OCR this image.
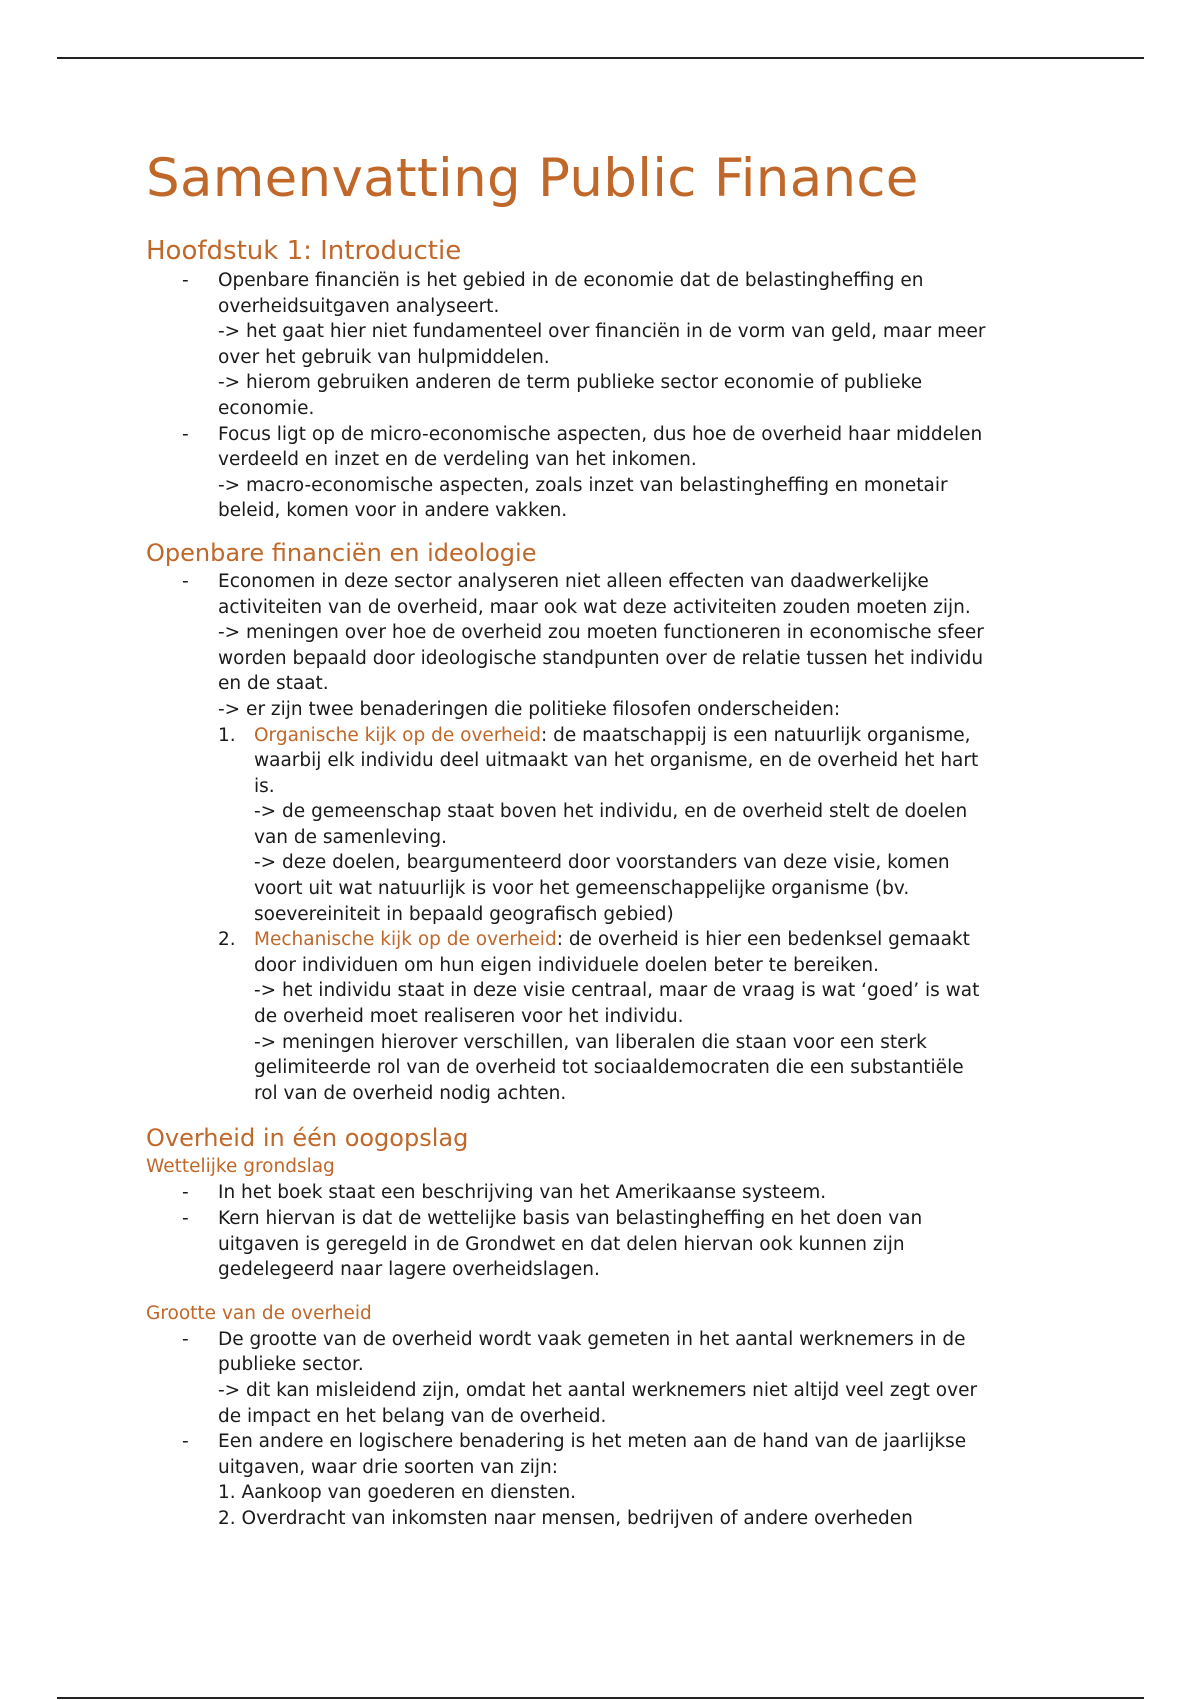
Samenvatting Public Finance
Hoofdstuk 1: Introductie

- Openbare financiën is het gebied in de economie dat de belastingheffing en

overheidsuitgaven analyseert.

-> het gaat hier niet fundamenteel over financiën in de vorm van geld, maar meer

over het gebruik van hulpmiddelen.

-> hierom gebruiken anderen de term publieke sector economie of publieke

economie.

- Focus ligt op de micro-economische aspecten, dus hoe de overheid haar middelen

verdeeld en inzet en de verdeling van het inkomen.

-> macro-economische aspecten, zoals inzet van belastingheffing en monetair

beleid, komen voor in andere vakken.

Openbare financiën en ideologie

- Economen in deze sector analyseren niet alleen effecten van daadwerkelijke

activiteiten van de overheid, maar ook wat deze activiteiten zouden moeten zijn.

-> meningen over hoe de overheid zou moeten functioneren in economische sfeer

worden bepaald door ideologische standpunten over de relatie tussen het individu

en de staat.

-> er zijn twee benaderingen die politieke filosofen onderscheiden:

1. Organische kijk op de overheid: de maatschappij is een natuurlijk organisme,

waarbij elk individu deel uitmaakt van het organisme, en de overheid het hart

is.

-> de gemeenschap staat boven het individu, en de overheid stelt de doelen

van de samenleving.

-> deze doelen, beargumenteerd door voorstanders van deze visie, komen

voort uit wat natuurlijk is voor het gemeenschappelijke organisme (bv.

soevereiniteit in bepaald geografisch gebied)

2. Mechanische kijk op de overheid: de overheid is hier een bedenksel gemaakt

door individuen om hun eigen individuele doelen beter te bereiken.

-> het individu staat in deze visie centraal, maar de vraag is wat ‘goed’ is wat

de overheid moet realiseren voor het individu.

-> meningen hierover verschillen, van liberalen die staan voor een sterk

gelimiteerde rol van de overheid tot sociaaldemocraten die een substantiële

rol van de overheid nodig achten.

Overheid in één oogopslag
Wettelijke grondslag

- In het boek staat een beschrijving van het Amerikaanse systeem.

- Kern hiervan is dat de wettelijke basis van belastingheffing en het doen van

uitgaven is geregeld in de Grondwet en dat delen hiervan ook kunnen zijn

gedelegeerd naar lagere overheidslagen.

Grootte van de overheid

- De grootte van de overheid wordt vaak gemeten in het aantal werknemers in de

publieke sector.

-> dit kan misleidend zijn, omdat het aantal werknemers niet altijd veel zegt over

de impact en het belang van de overheid.

- Een andere en logischere benadering is het meten aan de hand van de jaarlijkse

uitgaven, waar drie soorten van zijn:

1. Aankoop van goederen en diensten.

2. Overdracht van inkomsten naar mensen, bedrijven of andere overheden
